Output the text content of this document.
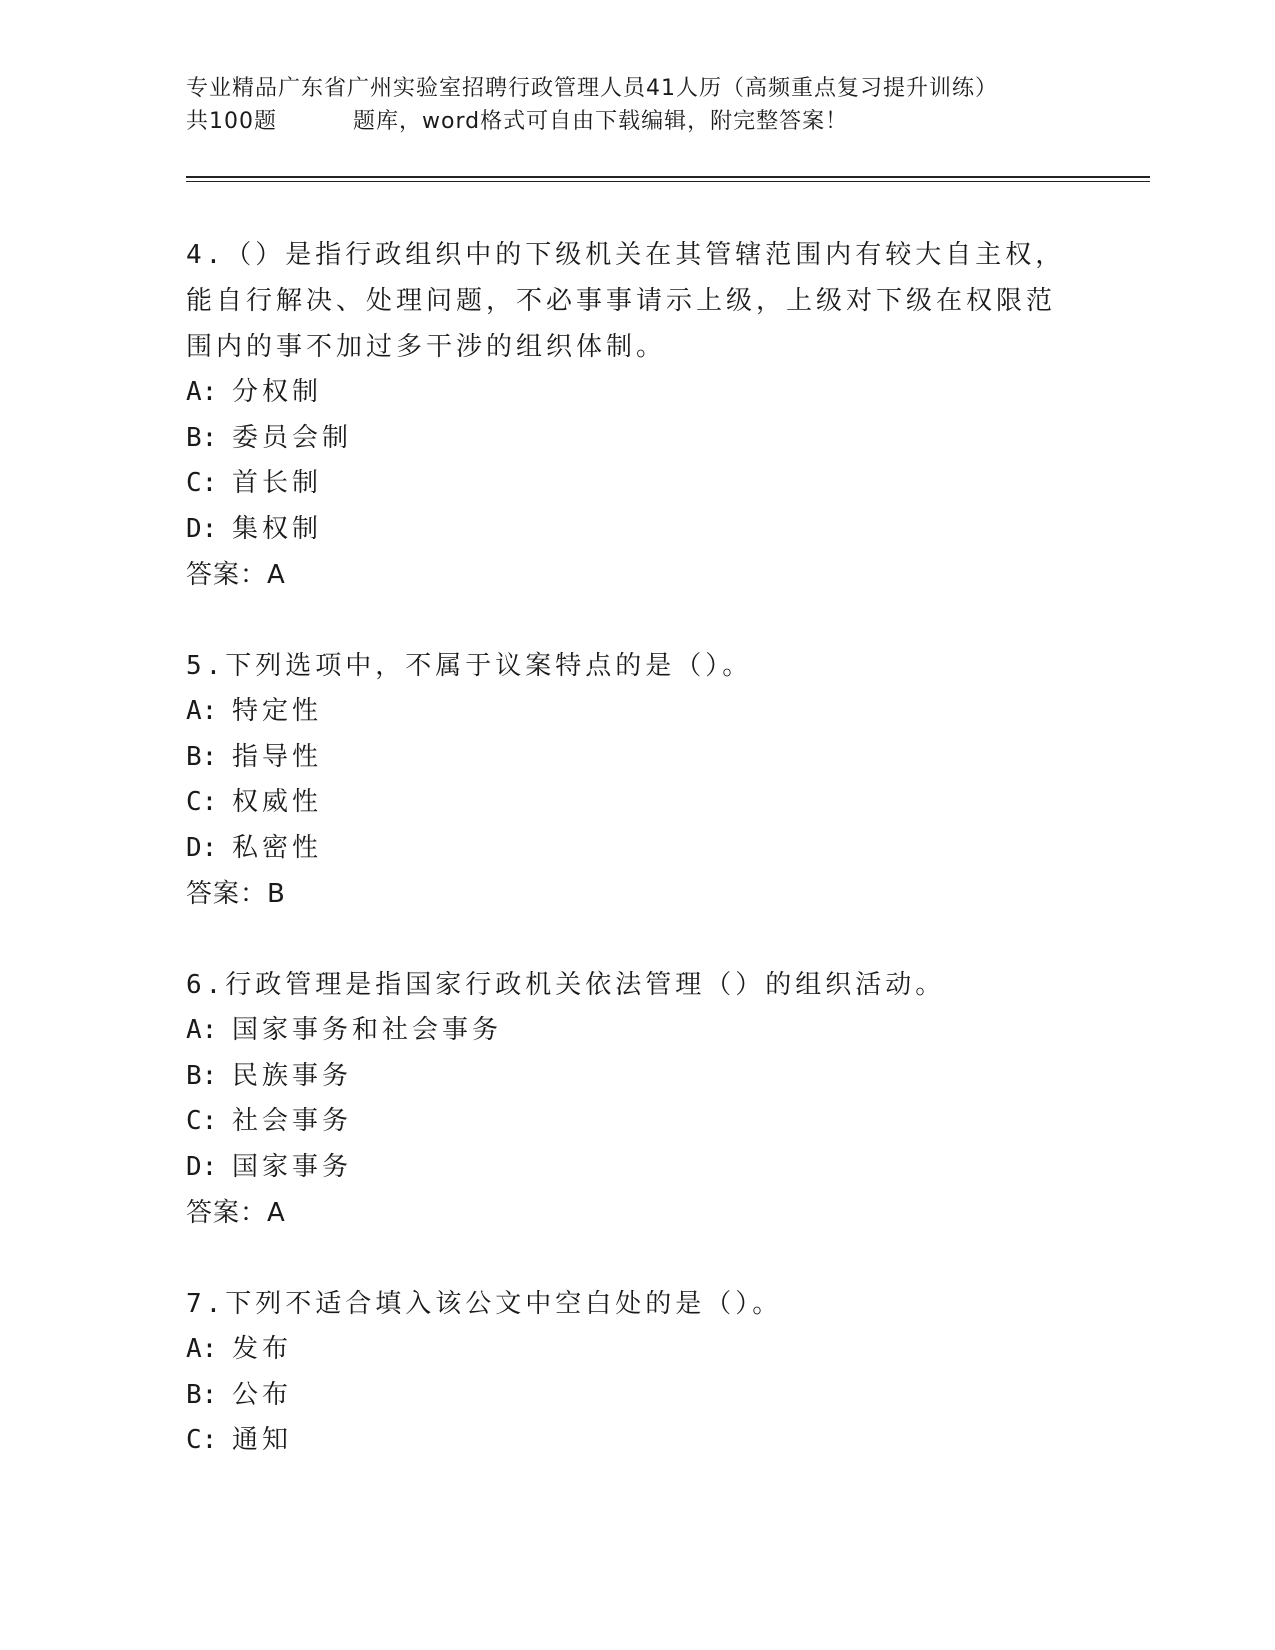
专业精品广东省广州实验室招聘行政管理人员41人历（高频重点复习提升训练）
共100题	题库，word格式可自由下载编辑，附完整答案！

4.（）是指行政组织中的下级机关在其管辖范围内有较大自主权，能自行解决、处理问题，不必事事请示上级，上级对下级在权限范围内的事不加过多干涉的组织体制。

A: 分权制
B: 委员会制
C: 首长制
D: 集权制
答案：A

5.下列选项中，不属于议案特点的是（）。

A: 特定性
B: 指导性
C: 权威性
D: 私密性
答案：B

6.行政管理是指国家行政机关依法管理（）的组织活动。

A: 国家事务和社会事务
B: 民族事务
C: 社会事务
D: 国家事务
答案：A

7.下列不适合填入该公文中空白处的是（）。

A: 发布
B: 公布
C: 通知
